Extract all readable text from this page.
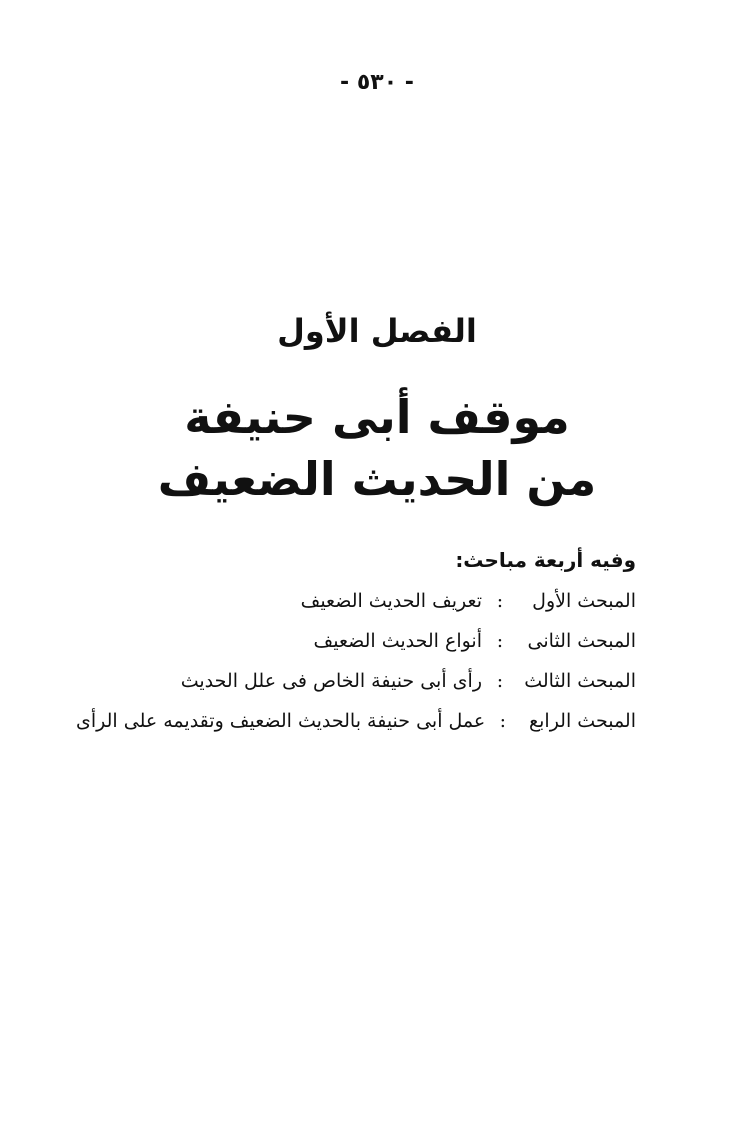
- ٥٣٠ -
الفصل الأول
موقف أبى حنيفة
من الحديث الضعيف
وفيه أربعة مباحث:
المبحث الأول
:
تعريف الحديث الضعيف
المبحث الثانى
:
أنواع الحديث الضعيف
المبحث الثالث
:
رأى أبى حنيفة الخاص فى علل الحديث
المبحث الرابع
:
عمل أبى حنيفة بالحديث الضعيف وتقديمه على الرأى
